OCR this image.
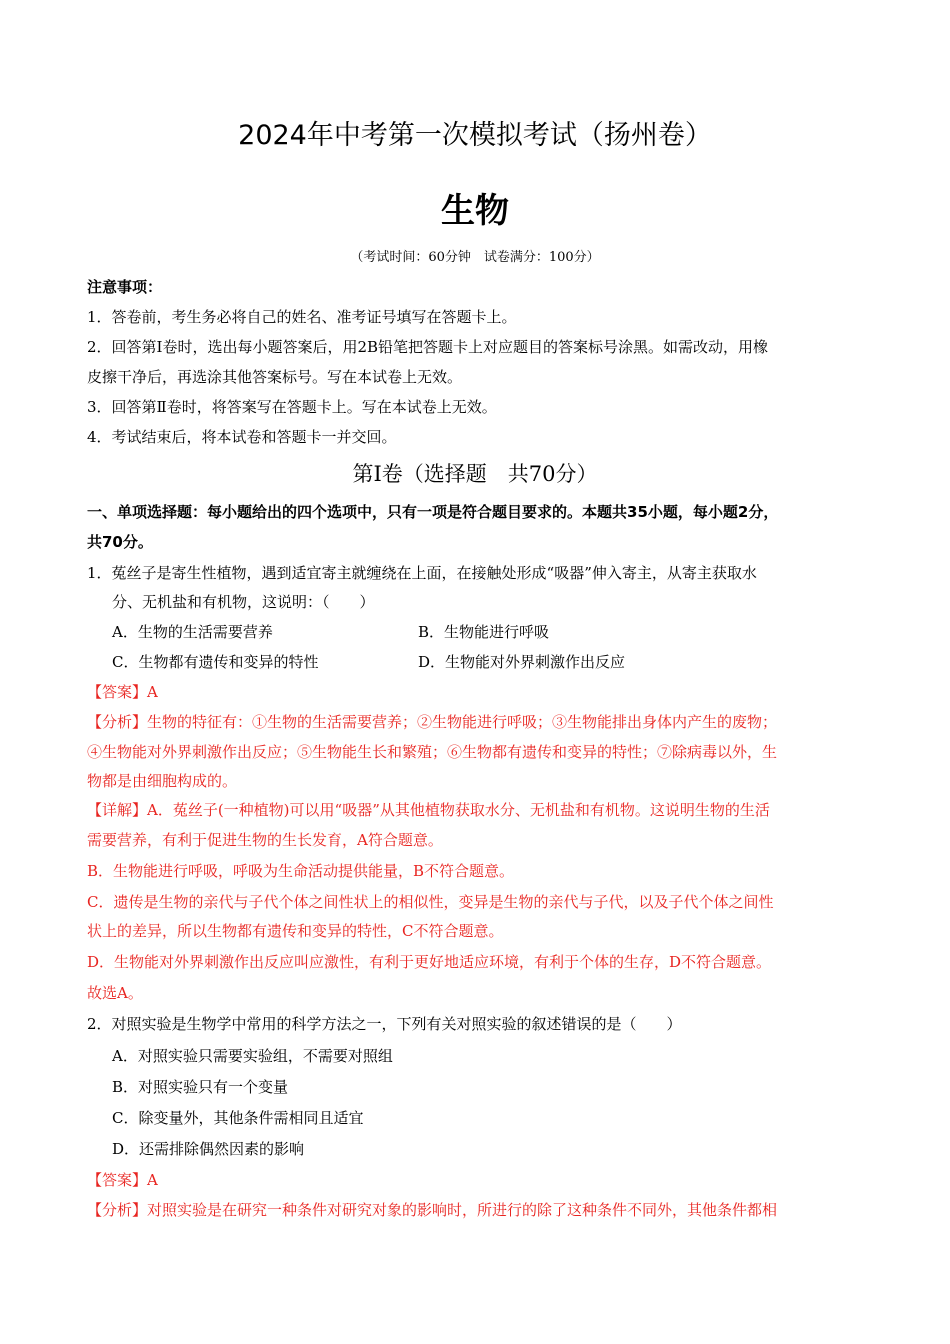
2024年中考第一次模拟考试（扬州卷）
生物
（考试时间：60分钟　试卷满分：100分）
注意事项：
1．答卷前，考生务必将自己的姓名、准考证号填写在答题卡上。
2．回答第Ⅰ卷时，选出每小题答案后，用2B铅笔把答题卡上对应题目的答案标号涂黑。如需改动，用橡
皮擦干净后，再选涂其他答案标号。写在本试卷上无效。
3．回答第Ⅱ卷时，将答案写在答题卡上。写在本试卷上无效。
4．考试结束后，将本试卷和答题卡一并交回。
第Ⅰ卷（选择题　共70分）
一、单项选择题：每小题给出的四个选项中，只有一项是符合题目要求的。本题共35小题，每小题2分，
共70分。
1．菟丝子是寄生性植物，遇到适宜寄主就缠绕在上面，在接触处形成“吸器”伸入寄主，从寄主获取水
分、无机盐和有机物，这说明：（　　）
A．生物的生活需要营养	B．生物能进行呼吸
C．生物都有遗传和变异的特性	D．生物能对外界刺激作出反应
【答案】A
【分析】生物的特征有：①生物的生活需要营养；②生物能进行呼吸；③生物能排出身体内产生的废物；
④生物能对外界刺激作出反应；⑤生物能生长和繁殖；⑥生物都有遗传和变异的特性；⑦除病毒以外，生
物都是由细胞构成的。
【详解】A．菟丝子(一种植物)可以用“吸器”从其他植物获取水分、无机盐和有机物。这说明生物的生活
需要营养，有利于促进生物的生长发育，A符合题意。
B．生物能进行呼吸，呼吸为生命活动提供能量，B不符合题意。
C．遗传是生物的亲代与子代个体之间性状上的相似性，变异是生物的亲代与子代，以及子代个体之间性
状上的差异，所以生物都有遗传和变异的特性，C不符合题意。
D．生物能对外界刺激作出反应叫应激性，有利于更好地适应环境，有利于个体的生存，D不符合题意。
故选A。
2．对照实验是生物学中常用的科学方法之一，下列有关对照实验的叙述错误的是（　　）
A．对照实验只需要实验组，不需要对照组
B．对照实验只有一个变量
C．除变量外，其他条件需相同且适宜
D．还需排除偶然因素的影响
【答案】A
【分析】对照实验是在研究一种条件对研究对象的影响时，所进行的除了这种条件不同外，其他条件都相
